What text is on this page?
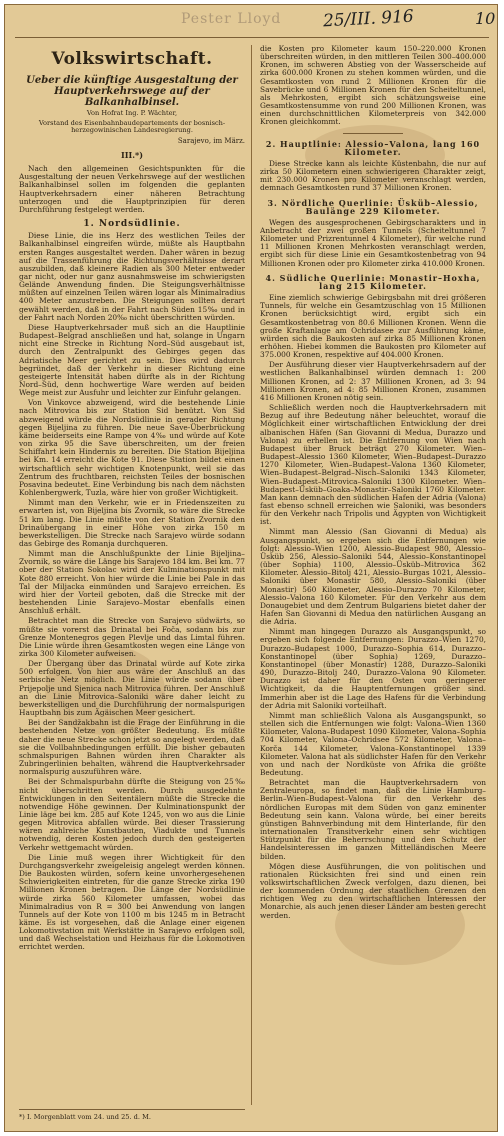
Pester Lloyd 25/III. 916	10
Volkswirtschaft.
Ueber die künftige Ausgestaltung der Hauptverkehrswege auf der Balkanhalbinsel.
Von Hofrat Ing. P. Wächter,
Vorstand des Eisenbahnbaudepartements der bosnisch-herzegowinischen Landesregierung.
Sarajevo, im März.
III.*)

Nach den allgemeinen Gesichtspunkten für die Ausgestaltung der neuen Verkehrswege auf der westlichen Balkanhalbinsel sollen im folgenden die geplanten Hauptverkehrsadern einer näheren Betrachtung unterzogen und die Hauptprinzipien für deren Durchführung festgelegt werden.

1. Nordsüdlinie.

Diese Linie, die ins Herz des westlichen Teiles der Balkanhalbinsel eingreifen würde, müßte als Hauptbahn ersten Ranges ausgestaltet werden. Daher wären in bezug auf die Trassenführung die Richtungsverhältnisse derart auszubilden, daß kleinere Radien als 300 Meter entweder gar nicht, oder nur ganz ausnahmsweise im schwierigsten Gelände Anwendung finden. Die Steigungsverhältnisse müßten auf einzelnen Teilen wären logar als Minimalradius 400 Meter anzustreben. Die Steigungen sollten derart gewählt werden, daß in der Fahrt nach Süden 15‰ und in der Fahrt nach Norden 20‰ nicht überschritten würden.

Diese Hauptverkehrsader muß sich an die Hauptlinie Budapest–Belgrad anschließen und hat, solange in Ungarn nicht eine Strecke in Richtung Nord–Süd ausgebaut ist, durch den Zentralpunkt des Gebirges gegen das Adriatische Meer gerichtet zu sein. Dies wird dadurch begründet, daß der Verkehr in dieser Richtung eine gesteigerte Intensität haben dürfte als in der Richtung Nord–Süd, denn hochwertige Ware werden auf beiden Wege meist zur Ausfuhr und leichter zur Einfuhr gelangen.

Von Vinkovce abzweigend, wird die bestehende Linie nach Mitrovica bis zur Station Sid benützt. Von Sid abzweigend würde die Nordsüdlinie in gerader Richtung gegen Bijeljina zu führen. Die neue Save-Überbrückung käme beiderseits eine Rampe von 4‰ und würde auf Kote von zirka 95 die Save überschreiten, um der freien Schiffahrt kein Hindernis zu bereiten. Die Station Bijeljina bei Km. 14 erreicht die Kote 91. Diese Station bildet einen wirtschaftlich sehr wichtigen Knotenpunkt, weil sie das Zentrum des fruchtbaren, reichsten Teiles der bosnischen Posavina bedeutet. Eine Verbindung bis nach dem nächsten Kohlenbergwerk, Tuzla, wäre hier von großer Wichtigkeit.

Nimmt man den Verkehr, wie er in Friedenszeiten zu erwarten ist, von Bijeljina bis Zvornik, so wäre die Strecke 51 km lang. Die Linie müßte von der Station Zvornik den Drinaübergang in einer Höhe von zirka 150 m bewerkstelligen. Die Strecke nach Sarajevo würde sodann das Gebirge des Romanja durchqueren.

Nimmt man die Anschlußpunkte der Linie Bijeljina–Zvornik, so wäre die Länge bis Sarajevo 184 km. Bei km. 77 ober der Station Sokolac wird der Kulminationspunkt mit Kote 880 erreicht. Von hier würde die Linie bei Pale in das Tal der Miljacka einmünden und Sarajevo erreichen. Es wird hier der Vorteil geboten, daß die Strecke mit der bestehenden Linie Sarajevo–Mostar ebenfalls einen Anschluß erhält.

Betrachtet man die Strecke von Sarajevo südwärts, so müßte sie vorerst das Drinatal bei Foča, sodann bis zur Grenze Montenegros gegen Plevlje und das Limtal führen. Die Linie würde ihren Gesamtkosten wegen eine Länge von zirka 300 Kilometer aufweisen.

Der Übergang über das Drinatal würde auf Kote zirka 500 erfolgen. Von hier aus wäre der Anschluß an das serbische Netz möglich. Die Linie würde sodann über Prijepolje und Sjenica nach Mitrovica führen. Der Anschluß an die Linie Mitrovica–Saloniki wäre daher leicht zu bewerkstelligen und die Durchführung der normalspurigen Hauptbahn bis zum Ägäischen Meer gesichert.

Bei der Sandžakbahn ist die Frage der Einführung in die bestehenden Netze von größter Bedeutung. Es müßte daher die neue Strecke schon jetzt so angelegt werden, daß sie die Vollbahnbedingungen erfüllt. Die bisher gebauten schmalspurigen Bahnen würden ihren Charakter als Zubringerlinien behalten, während die Hauptverkehrsader normalspurig auszuführen wäre.

Bei der Schmalspurbahn dürfte die Steigung von 25‰ nicht überschritten werden. Durch ausgedehnte Entwicklungen in den Seitentälern müßte die Strecke die notwendige Höhe gewinnen. Der Kulminationspunkt der Linie läge bei km. 285 auf Kote 1245, von wo aus die Linie gegen Mitrovica abfallen würde. Bei dieser Trassierung wären zahlreiche Kunstbauten, Viadukte und Tunnels notwendig, deren Kosten jedoch durch den gesteigerten Verkehr wettgemacht würden.

Die Linie muß wegen ihrer Wichtigkeit für den Durchgangsverkehr zweigeleisig angelegt werden können. Die Baukosten würden, sofern keine unvorhergesehenen Schwierigkeiten eintreten, für die ganze Strecke zirka 190 Millionen Kronen betragen. Die Länge der Nordsüdlinie würde zirka 560 Kilometer umfassen, wobei das Minimalradius von R = 300 bei Anwendung von langen Tunnels auf der Kote von 1100 m bis 1245 m in Betracht käme. Es ist vorgesehen, daß die Anlage einer eigenen Lokomotivstation mit Werkstätte in Sarajevo erfolgen soll, und daß Wechselstation und Heizhaus für die Lokomotiven errichtet werden.

die Kosten pro Kilometer kaum 150–220.000 Kronen überschreiten würden, in den mittleren Teilen 300–400.000 Kronen, im schweren Abstieg von der Wasserscheide auf zirka 600.000 Kronen zu stehen kommen würden, und die Gesamtkosten von rund 2 Millionen Kronen für die Savebrücke und 6 Millionen Kronen für den Scheiteltunnel, als Mehrkosten, ergibt sich schätzungsweise eine Gesamtkostensumme von rund 200 Millionen Kronen, was einen durchschnittlichen Kilometerpreis von 342.000 Kronen gleichkommt.

2. Hauptlinie: Alessio–Valona, lang 160 Kilometer.

Diese Strecke kann als leichte Küstenbahn, die nur auf zirka 50 Kilometern einen schwierigeren Charakter zeigt, mit 230.000 Kronen pro Kilometer veranschlagt werden, demnach Gesamtkosten rund 37 Millionen Kronen.

3. Nördliche Querlinie: Üsküb–Alessio, Baulänge 229 Kilometer.

Wegen des ausgesprochenen Gebirgscharakters und in Anbetracht der zwei großen Tunnels (Scheiteltunnel 7 Kilometer und Prizrentunnel 4 Kilometer), für welche rund 11 Millionen Kronen Mehrkosten veranschlagt werden, ergibt sich für diese Linie ein Gesamtkostenbetrag von 94 Millionen Kronen oder pro Kilometer zirka 410.000 Kronen.

4. Südliche Querlinie: Monastir–Hoxha, lang 215 Kilometer.

Eine ziemlich schwierige Gebirgsbahn mit drei größeren Tunnels, für welche ein Gesamtzuschlag von 15 Millionen Kronen berücksichtigt wird, ergibt sich ein Gesamtkostenbetrag von 80.6 Millionen Kronen. Wenn die große Kraftanlage am Ochridasee zur Ausführung käme, würden sich die Baukosten auf zirka 85 Millionen Kronen erhöhen. Hiebei kommen die Baukosten pro Kilometer auf 375.000 Kronen, respektive auf 404.000 Kronen.

Der Ausführung dieser vier Hauptverkehrsadern auf der westlichen Balkanhalbinsel würden demnach 1: 200 Millionen Kronen, ad 2: 37 Millionen Kronen, ad 3: 94 Millionen Kronen, ad 4: 85 Millionen Kronen, zusammen 416 Millionen Kronen nötig sein.

Schließlich werden noch die Hauptverkehrsadern mit Bezug auf ihre Bedeutung näher beleuchtet, worauf die Möglichkeit einer wirtschaftlichen Entwicklung der drei albanischen Häfen (San Giovanni di Medua, Durazzo und Valona) zu erhellen ist. Die Entfernung von Wien nach Budapest über Bruck beträgt 270 Kilometer. Wien–Budapest–Alessio 1360 Kilometer, Wien–Budapest–Durazzo 1270 Kilometer, Wien–Budapest–Valona 1360 Kilometer, Wien–Budapest–Belgrad–Nisch–Saloniki 1343 Kilometer, Wien–Budapest–Mitrovica–Saloniki 1300 Kilometer. Wien–Budapest–Üsküb–Goaka–Monastir–Saloniki 1760 Kilometer. Man kann demnach den südlichen Hafen der Adria (Valona) fast ebenso schnell erreichen wie Saloniki, was besonders für den Verkehr nach Tripolis und Ägypten von Wichtigkeit ist.

Nimmt man Alessio (San Giovanni di Medua) als Ausgangspunkt, so ergeben sich die Entfernungen wie folgt: Alessio–Wien 1200, Alessio–Budapest 980, Alessio–Üsküb 256, Alessio–Saloniki 544, Alessio–Konstantinopel (über Sophia) 1100, Alessio–Üsküb–Mitrovica 362 Kilometer. Alessio–Bitolj 421, Alessio–Burgas 1021, Alessio–Saloniki über Monastir 580, Alessio–Saloniki (über Monastir) 560 Kilometer, Alessio–Durazzo 70 Kilometer, Alessio–Valona 160 Kilometer. Für den Verkehr aus dem Donaugebiet und dem Zentrum Bulgariens bietet daher der Hafen San Giovanni di Medua den natürlichen Ausgang an die Adria.

Nimmt man hingegen Durazzo als Ausgangspunkt, so ergeben sich folgende Entfernungen: Durazzo–Wien 1270, Durazzo–Budapest 1000, Durazzo–Sophia 614, Durazzo–Konstantinopel (über Sophia) 1269, Durazzo–Konstantinopel (über Monastir) 1288, Durazzo–Saloniki 490, Durazzo–Bitolj 240, Durazzo–Valona 90 Kilometer. Durazzo ist daher für den Osten von geringerer Wichtigkeit, da die Hauptentfernungen größer sind. Immerhin aber ist die Lage des Hafens für die Verbindung der Adria mit Saloniki vorteilhaft.

Nimmt man schließlich Valona als Ausgangspunkt, so stellen sich die Entfernungen wie folgt: Valona–Wien 1360 Kilometer, Valona–Budapest 1090 Kilometer, Valona–Sophia 704 Kilometer, Valona–Ochridsee 572 Kilometer, Valona–Korča 144 Kilometer, Valona–Konstantinopel 1339 Kilometer. Valona hat als südlichster Hafen für den Verkehr von und nach der Nordküste von Afrika die größte Bedeutung.

Betrachtet man die Hauptverkehrsadern von Zentraleuropa, so findet man, daß die Linie Hamburg–Berlin–Wien–Budapest–Valona für den Verkehr des nördlichen Europas mit dem Süden von ganz eminenter Bedeutung sein kann. Valona würde, bei einer bereits günstigen Bahnverbindung mit dem Hinterlande, für den internationalen Transitverkehr einen sehr wichtigen Stützpunkt für die Beherrschung und den Schutz der Handelsinteressen im ganzen Mittelländischen Meere bilden.

Mögen diese Ausführungen, die von politischen und rationalen Rücksichten frei sind und einen rein volkswirtschaftlichen Zweck verfolgen, dazu dienen, bei der kommenden Ordnung der staatlichen Grenzen den richtigen Weg zu den wirtschaftlichen Interessen der Monarchie, als auch jenen dieser Länder am besten gerecht werden.

*) I. Morgenblatt vom 24. und 25. d. M.
